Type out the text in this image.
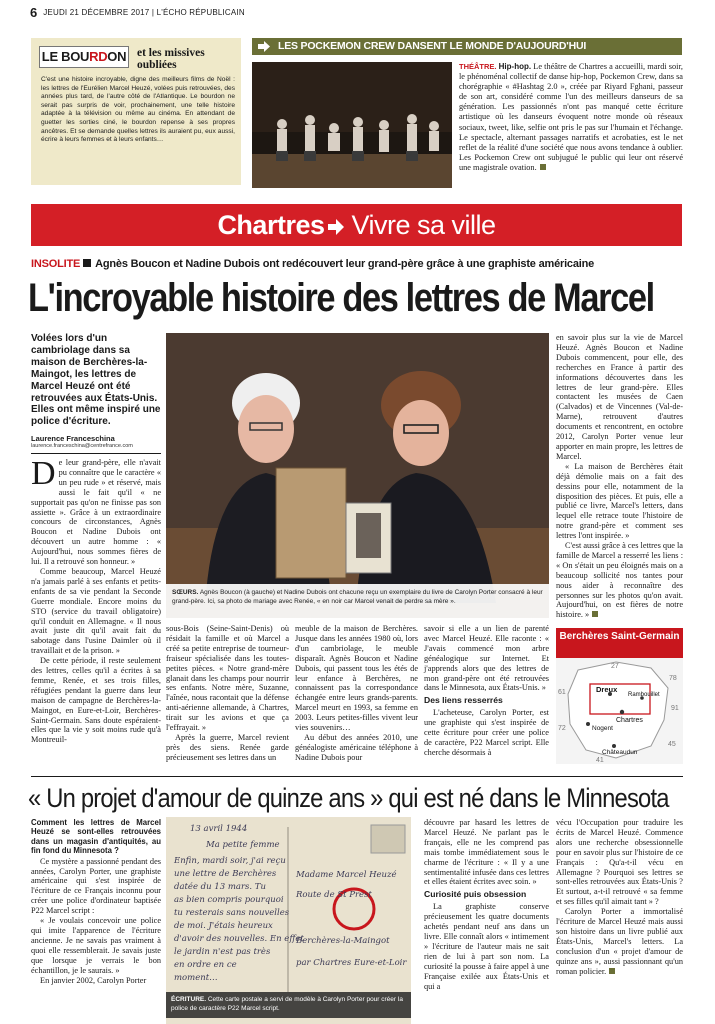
6 JEUDI 21 DÉCEMBRE 2017 | L'ÉCHO RÉPUBLICAIN
LE BOURDON et les missives oubliées
C'est une histoire incroyable, digne des meilleurs films de Noël : les lettres de l'Eurélien Marcel Heuzé, volées puis retrouvées, des années plus tard, de l'autre côté de l'Atlantique. Le bourdon ne serait pas surpris de voir, prochainement, une telle histoire adaptée à la télévision ou même au cinéma. En attendant de guetter les sorties ciné, le bourdon repense à ses propres ancêtres. Et se demande quelles lettres ils auraient pu, eux aussi, écrire à leurs femmes et à leurs enfants…
LES POCKEMON CREW DANSENT LE MONDE D'AUJOURD'HUI
THÉÂTRE. Hip-hop. Le théâtre de Chartres a accueilli, mardi soir, le phénoménal collectif de danse hip-hop, Pockemon Crew, dans sa chorégraphie « #Hashtag 2.0 », créée par Riyard Fghani, passeur de son art, considéré comme l'un des meilleurs danseurs de sa génération. Les passionnés n'ont pas manqué cette écriture artistique où les danseurs évoquent notre monde où réseaux sociaux, tweet, like, selfie ont pris le pas sur l'humain et l'échange. Le spectacle, alternant passages narratifs et acrobaties, est le net reflet de la réalité d'une société que nous avons tendance à oublier. Les Pockemon Crew ont subjugué le public qui leur ont réservé une magistrale ovation.
Chartres Vivre sa ville
INSOLITE Agnès Boucon et Nadine Dubois ont redécouvert leur grand-père grâce à une graphiste américaine
L'incroyable histoire des lettres de Marcel
Volées lors d'un cambriolage dans sa maison de Berchères-la-Maingot, les lettres de Marcel Heuzé ont été retrouvées aux États-Unis. Elles ont même inspiré une police d'écriture.
Laurence Franceschina
laurence.franceschina@centrefrance.com

De leur grand-père, elle n'avait pu connaître que le caractère « un peu rude » et réservé, mais aussi le fait qu'il « ne supportait pas qu'on ne finisse pas son assiette ». Grâce à un extraordinaire concours de circonstances, Agnès Boucon et Nadine Dubois ont découvert un autre homme : « Aujourd'hui, nous sommes fières de lui. Il a retrouvé son honneur. »

Comme beaucoup, Marcel Heuzé n'a jamais parlé à ses enfants et petits-enfants de sa vie pendant la Seconde Guerre mondiale. Encore moins du STO (service du travail obligatoire) qu'il conduit en Allemagne. « Il nous avait juste dit qu'il avait fait du sabotage dans l'usine Daimler où il travaillait et de la prison. »

De cette période, il reste seulement des lettres, celles qu'il a écrites à sa femme, Renée, et ses trois filles, réfugiées pendant la guerre dans leur maison de campagne de Berchères-la-Maingot, en Eure-et-Loir, Berchères-Saint-Germain. Sans doute espéraient-elles que la vie y soit moins rude qu'à Montreuil-

SŒURS. Agnès Boucon (à gauche) et Nadine Dubois ont chacune reçu un exemplaire du livre de Carolyn Porter consacré à leur grand-père. Ici, sa photo de mariage avec Renée, « en noir car Marcel venait de perdre sa mère ».

sous-Bois (Seine-Saint-Denis) où résidait la famille et où Marcel a créé sa petite entreprise de tourneur-fraiseur spécialisée dans les toutes-petites pièces. « Notre grand-mère glanait dans les champs pour nourrir ses enfants. Notre mère, Suzanne, l'aînée, nous racontait que la défense anti-aérienne allemande, à Chartres, tirait sur les avions et que ça l'effrayait. »

Après la guerre, Marcel revient près des siens. Renée garde précieusement ses lettres dans un

meuble de la maison de Berchères. Jusque dans les années 1980 où, lors d'un cambriolage, le meuble disparaît. Agnès Boucon et Nadine Dubois, qui passent tous les étés de leur enfance à Berchères, ne connaissent pas la correspondance échangée entre leurs grands-parents. Marcel meurt en 1993, sa femme en 2003. Leurs petites-filles vivent leur vies souvenirs…

Au début des années 2010, une généalogiste américaine téléphone à Nadine Dubois pour

savoir si elle a un lien de parenté avec Marcel Heuzé. Elle raconte : « J'avais commencé mon arbre généalogique sur Internet. Et j'apprends alors que des lettres de mon grand-père ont été retrouvées dans le Minnesota, aux États-Unis. »

Des liens resserrés

L'acheteuse, Carolyn Porter, est une graphiste qui s'est inspirée de cette écriture pour créer une police de caractère, P22 Marcel script. Elle cherche désormais à

en savoir plus sur la vie de Marcel Heuzé. Agnès Boucon et Nadine Dubois commencent, pour elle, des recherches en France à partir des informations découvertes dans les lettres de leur grand-père. Elles contactent les musées de Caen (Calvados) et de Vincennes (Val-de-Marne), retrouvent d'autres documents et rencontrent, en octobre 2012, Carolyn Porter venue leur apporter en main propre, les lettres de Marcel.

« La maison de Berchères était déjà démolie mais on a fait des dessins pour elle, notamment de la disposition des pièces. Et puis, elle a publié ce livre, Marcel's letters, dans lequel elle retrace toute l'histoire de notre grand-père et comment ses lettres l'ont inspirée. »

C'est aussi grâce à ces lettres que la famille de Marcel a resserré les liens : « On s'était un peu éloignés mais on a beaucoup sollicité nos tantes pour nous aider à reconnaître des personnes sur les photos qu'on avait. Aujourd'hui, on est fières de notre histoire. »

Berchères Saint-Germain
27
78
61
91
72
45
41
Dreux
Rambouillet
Chartres
Nogent
Châteaudun
« Un projet d'amour de quinze ans » qui est né dans le Minnesota

Comment les lettres de Marcel Heuzé se sont-elles retrouvées dans un magasin d'antiquités, au fin fond du Minnesota ?

Ce mystère a passionné pendant des années, Carolyn Porter, une graphiste américaine qui s'est inspirée de l'écriture de ce Français inconnu pour créer une police d'ordinateur baptisée P22 Marcel script :

« Je voulais concevoir une police qui imite l'apparence de l'écriture ancienne. Je ne savais pas vraiment à quoi elle ressemblerait. Je savais juste que lorsque je verrais le bon échantillon, je le saurais. »

En janvier 2002, Carolyn Porter

13 avril 1944
Ma petite femme
Enfin, mardi soir, j'ai reçu
une lettre de Berchères
datée du 13 mars. Tu
as bien compris pourquoi
tu resterais sans nouvelles
de moi. J'étais heureux
d'avoir des nouvelles. En effet
le jardin n'est pas très
en ordre en ce
moment…
Madame Marcel Heuzé
Route de St Prest
Berchères-la-Maingot
par Chartres Eure-et-Loir
ÉCRITURE. Cette carte postale a servi de modèle à Carolyn Porter pour créer la police de caractère P22 Marcel script.

découvre par hasard les lettres de Marcel Heuzé. Ne parlant pas le français, elle ne les comprend pas mais tombe immédiatement sous le charme de l'écriture : « Il y a une sentimentalité infusée dans ces lettres et elles étaient écrites avec soin. »

Curiosité puis obsession

La graphiste conserve précieusement les quatre documents achetés pendant neuf ans dans un livre. Elle connaît alors « intimement » l'écriture de l'auteur mais ne sait rien de lui à part son nom. La curiosité la pousse à faire appel à une Française exilée aux États-Unis et qui a

vécu l'Occupation pour traduire les écrits de Marcel Heuzé. Commence alors une recherche obsessionnelle pour en savoir plus sur l'histoire de ce Français : Qu'a-t-il vécu en Allemagne ? Pourquoi ses lettres se sont-elles retrouvées aux États-Unis ? Et surtout, a-t-il retrouvé « sa femme et ses filles qu'il aimait tant » ?

Carolyn Porter a immortalisé l'écriture de Marcel Heuzé mais aussi son histoire dans un livre publié aux États-Unis, Marcel's letters. La conclusion d'un « projet d'amour de quinze ans », aussi passionnant qu'un roman policier.
